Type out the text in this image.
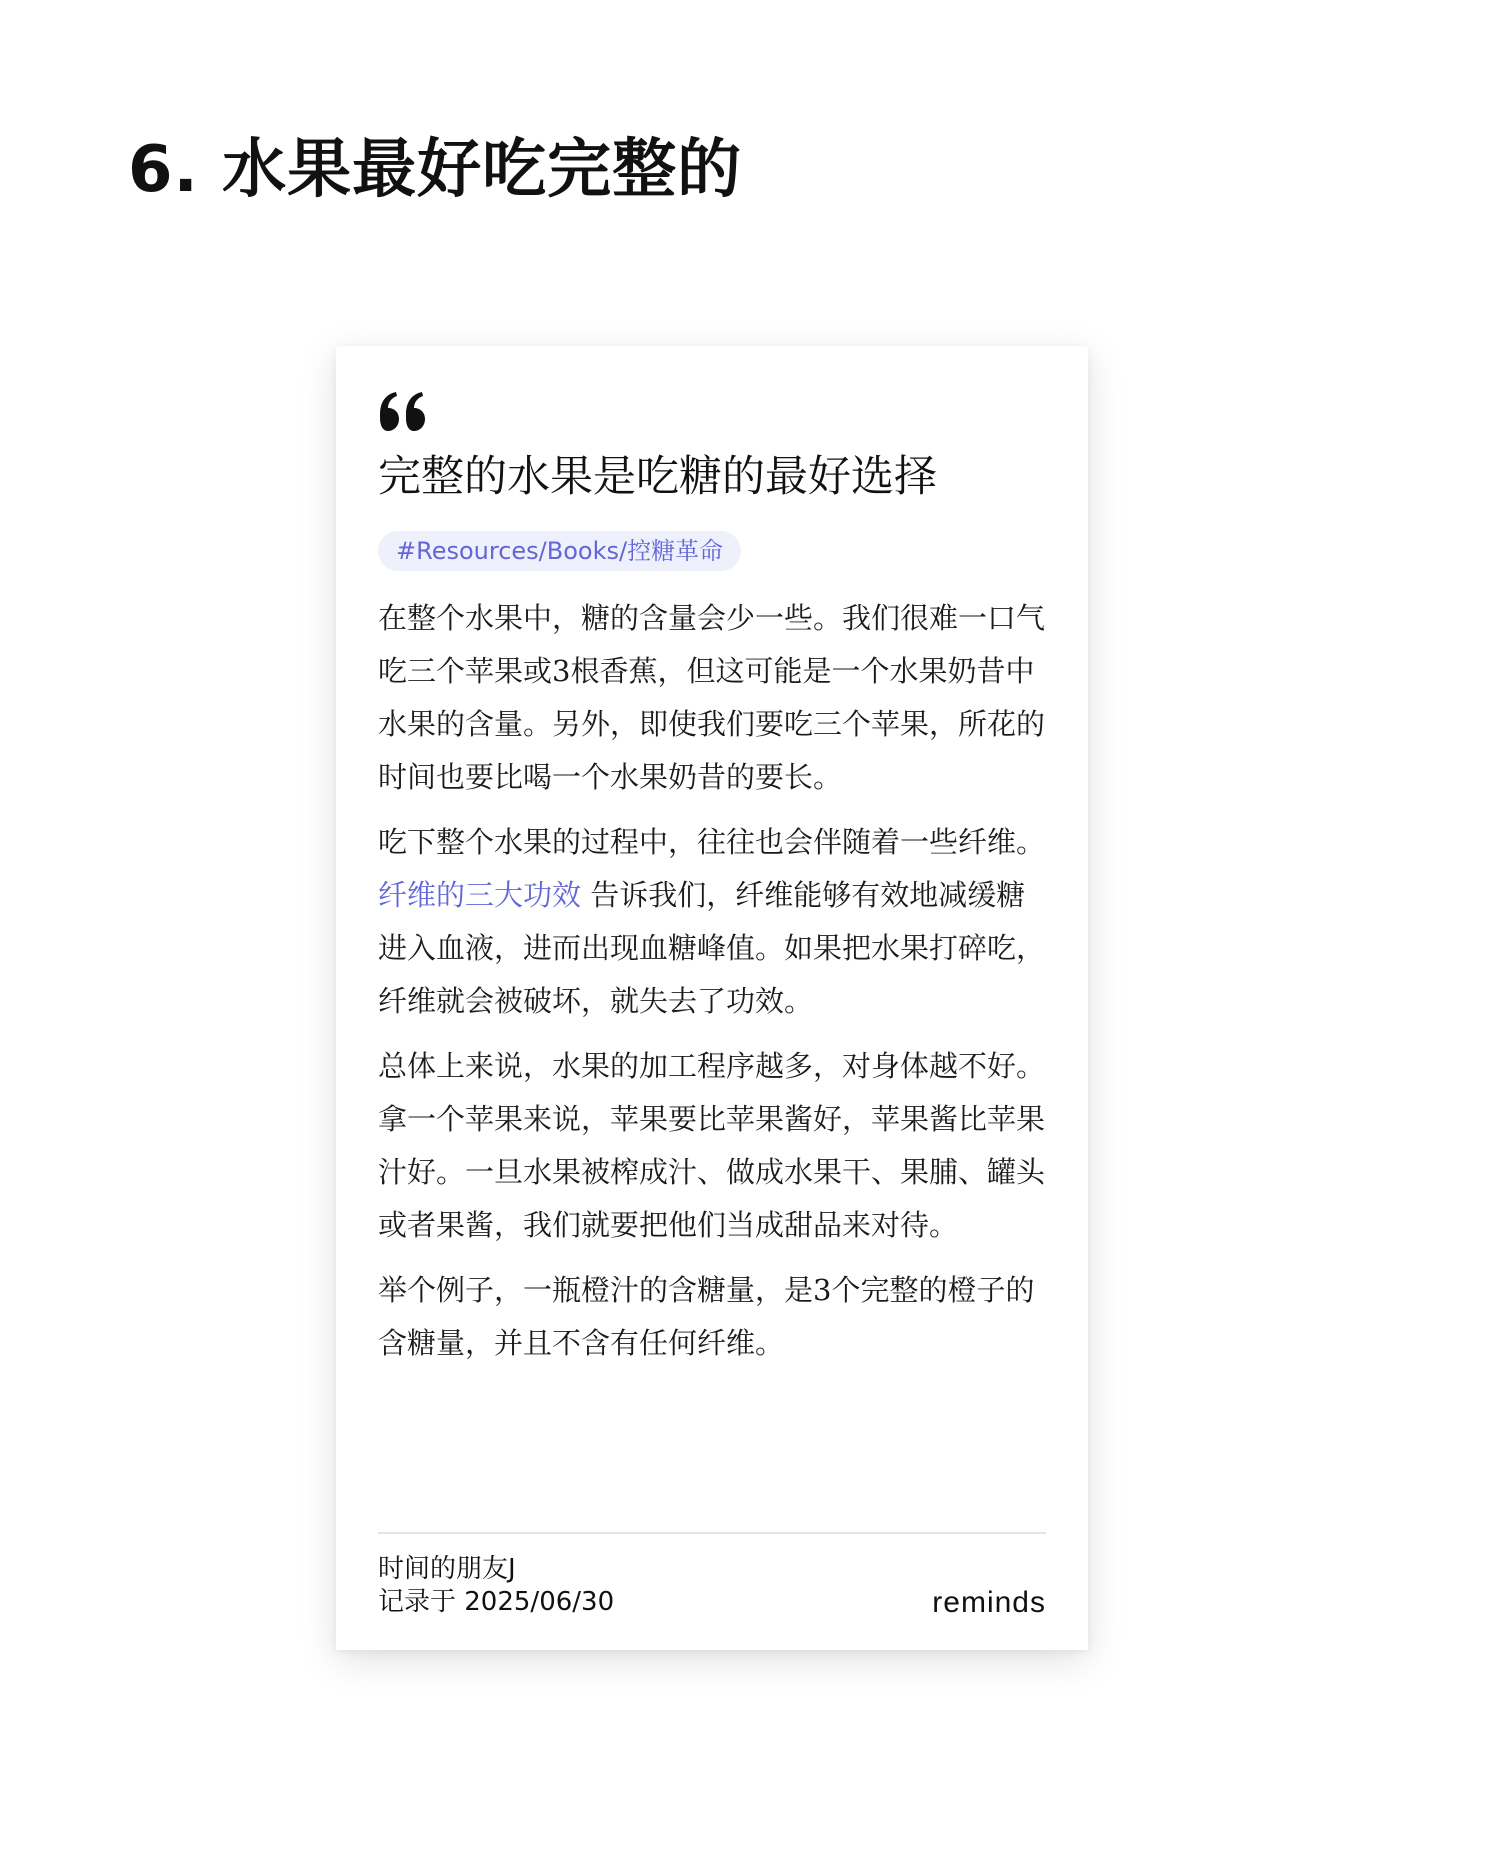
6. 水果最好吃完整的
完整的水果是吃糖的最好选择
#Resources/Books/控糖革命

在整个水果中，糖的含量会少一些。我们很难一口气吃三个苹果或3根香蕉，但这可能是一个水果奶昔中水果的含量。另外，即使我们要吃三个苹果，所花的时间也要比喝一个水果奶昔的要长。

吃下整个水果的过程中，往往也会伴随着一些纤维。纤维的三大功效 告诉我们，纤维能够有效地减缓糖进入血液，进而出现血糖峰值。如果把水果打碎吃，纤维就会被破坏，就失去了功效。

总体上来说，水果的加工程序越多，对身体越不好。拿一个苹果来说，苹果要比苹果酱好，苹果酱比苹果汁好。一旦水果被榨成汁、做成水果干、果脯、罐头或者果酱，我们就要把他们当成甜品来对待。

举个例子，一瓶橙汁的含糖量，是3个完整的橙子的含糖量，并且不含有任何纤维。

时间的朋友J
记录于 2025/06/30	reminds
